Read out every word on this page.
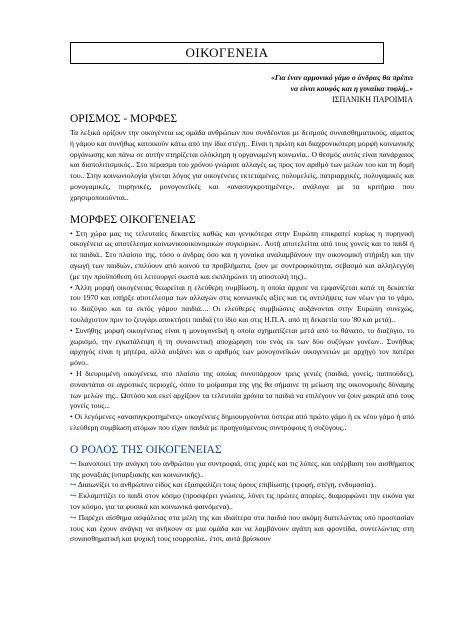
ΟΙΚΟΓΕΝΕΙΑ
«Για έναν αρμονικό γάμο ο άνδρας θα πρέπει
να είναι κουφός και η γυναίκα τυφλή..»
ΙΣΠΑΝΙΚΗ ΠΑΡΟΙΜΙΑ
ΟΡΙΣΜΟΣ - ΜΟΡΦΕΣ

Τα λεξικά ορίζουν την οικογένεια ως ομάδα ανθρώπων που συνδέονται με δεσμούς συναισθηματικούς, αίματος ή γάμου και συνήθως κατοικούν κάτω από την ίδια στέγη.. Είναι η πρώτη και διαχρονικότερη μορφή κοινωνικής οργάνωσης και πάνω σε αυτήν στηρίζεται ολόκληρη η οργανωμένη κοινωνία.. Ο θεσμός αυτός είναι πανάρχαιος και διαπολιτισμικός.. Στο πέρασμα του χρόνου γνώρισε αλλαγές ως προς τον αριθμό των μελών του και τη δομή του.. Στην κοινωνιολογία γίνεται λόγος για οικογένειες εκτεταμένες, πολυμελείς, πατριαρχικές, πολυγαμικές και μονογαμικές, πυρηνικές, μονογονεϊκές και «ανασυγκροτημένες», ανάλογα με τα κριτήρια που χρησιμοποιούνται..

ΜΟΡΦΕΣ ΟΙΚΟΓΕΝΕΙΑΣ

• Στη χώρα μας τις τελευταίες δεκαετίες καθώς και γενικότερα στην Ευρώπη επικρατεί κυρίως η πυρηνική οικογένεια ως αποτέλεσμα κοινωνικοοικονομικών συγκυριών.. Αυτή αποτελείται από τους γονείς και το παιδί ή τα παιδιά.. Στο πλαίσιο της, τόσο ο άνδρας όσο και η γυναίκα αναλαμβάνουν την οικονομική στήριξη και την αγωγή των παιδιών, επιλύουν από κοινού τα προβλήματα, ζουν με συντροφικότητα, σεβασμό και αλληλεγγύη (με την προϋπόθεση ότι λειτουργεί σωστά και εκπληρώνει τη αποστολή της)..

• Άλλη μορφή οικογένειας θεωρείται η ελεύθερη συμβίωση, η οποία άρχισε να εμφανίζεται κατά τη δεκαετία του 1970 και υπήρξε αποτέλεσμα των αλλαγών στις κοινωνικές αξίες και τις αντιλήψεις των νέων για το γάμο, το διαζύγιο και τα εκτός γάμου παιδιά.... Οι ελεύθερες συμβιώσεις αυξάνονται στην Ευρώπη συνεχώς, τουλάχιστον πριν το ζευγάρι αποκτήσει παιδιά (το ίδιο και στις Η.Π.Α. από τη δεκαετία του '80 και μετά)..

• Συνήθης μορφή οικογένειας είναι η μονογονεϊκή η οποία σχηματίζεται μετά από το θάνατο, το διαζύγιο, το χωρισμό, την εγκατάλειψη ή τη συναινετική αποχώρηση του ενός εκ των δύο συζύγων γονέων.. Συνήθως αρχηγός είναι η μητέρα, αλλά αυξάνει και ο αριθμός των μονογονεϊκών οικογενειών με αρχηγό τον πατέρα μόνο..

• Η διευρυμένη οικογένεια, στο πλαίσιο της οποίας συνυπάρχουν τρεις γενιές (παιδιά, γονείς, παππούδες), συναντάται σε αγροτικές περιοχές, όπου το μοίρασμα της γης θα σήμαινε τη μείωση της οικονομικής δύναμης των μελών της.. Ωστόσο και εκεί αρχίζουν τα τελευταία χρόνια τα παιδιά να επιλέγουν να ζουν μακριά από τους γονείς τους...

• Οι λεγόμενες «ανασυγκροτημένες» οικογένειες δημιουργούνται ύστερα από πρώτο γάμο ή εκ νέου γάμο ή από ελεύθερη συμβίωση ατόμων που είχαν παιδιά με προηγούμενους συντρόφους ή συζύγους..

Ο ΡΟΛΟΣ ΤΗΣ ΟΙΚΟΓΕΝΕΙΑΣ

↪ Ικανοποιεί την ανάγκη του ανθρώπου για συντροφιά, στις χαρές και τις λύπες, και υπέρβαση του αισθήματος της μοναξιάς (υπαρξιακής και κοινωνικής)..

↪ Διαιωνίζει το ανθρώπινο είδος και εξασφαλίζει τους όρους επιβίωσης (τροφή, στέγη, ενδυμασία)..

↪ Εκλαμπτίζει το παιδί στον κόσμο (προσφέρει γνώσεις, λύνει τις πρώτες απορίες, διαμορφώνει την εικόνα για τον κόσμο, για τα φυσικά και κοινωνικά φαινόμενα)..

↪ Παρέχει αίσθημα ασφάλειας στα μέλη της και ιδιαίτερα στα παιδιά που ακόμη διατελώντας υπό προστασίαν τους και έχουν ανάγκη να ανήκουν σε μια ομάδα και να λαμβάνουν αγάπη και φροντίδα, συντελώντας στη συναισθηματική και ψυχική τους ισορροπία.. έτσι, αυτά βρίσκουν
